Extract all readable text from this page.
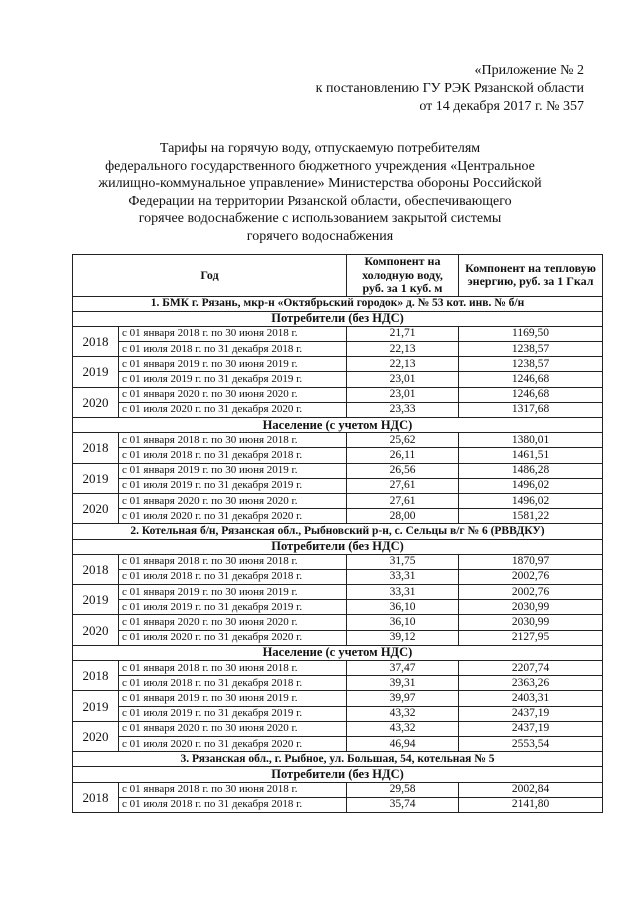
«Приложение № 2
к постановлению ГУ РЭК Рязанской области
от 14 декабря 2017 г. № 357
Тарифы на горячую воду, отпускаемую потребителям
федерального государственного бюджетного учреждения «Центральное
жилищно-коммунальное управление» Министерства обороны Российской
Федерации на территории Рязанской области, обеспечивающего
горячее водоснабжение с использованием закрытой системы
горячего водоснабжения
Год		Компонент на холодную воду, руб. за 1 куб. м	Компонент на тепловую энергию, руб. за 1 Гкал
1. БМК г. Рязань, мкр-н «Октябрьский городок» д. № 53 кот. инв. № б/н			
Потребители (без НДС)			
2018	с 01 января 2018 г. по 30 июня 2018 г.	21,71	1169,50
	с 01 июля 2018 г. по 31 декабря 2018 г.	22,13	1238,57
2019	с 01 января 2019 г. по 30 июня 2019 г.	22,13	1238,57
	с 01 июля 2019 г. по 31 декабря 2019 г.	23,01	1246,68
2020	с 01 января 2020 г. по 30 июня 2020 г.	23,01	1246,68
	с 01 июля 2020 г. по 31 декабря 2020 г.	23,33	1317,68
Население (с учетом НДС)			
2018	с 01 января 2018 г. по 30 июня 2018 г.	25,62	1380,01
	с 01 июля 2018 г. по 31 декабря 2018 г.	26,11	1461,51
2019	с 01 января 2019 г. по 30 июня 2019 г.	26,56	1486,28
	с 01 июля 2019 г. по 31 декабря 2019 г.	27,61	1496,02
2020	с 01 января 2020 г. по 30 июня 2020 г.	27,61	1496,02
	с 01 июля 2020 г. по 31 декабря 2020 г.	28,00	1581,22
2. Котельная б/н, Рязанская обл., Рыбновский р-н, с. Сельцы в/г № 6 (РВВДКУ)			
Потребители (без НДС)			
2018	с 01 января 2018 г. по 30 июня 2018 г.	31,75	1870,97
	с 01 июля 2018 г. по 31 декабря 2018 г.	33,31	2002,76
2019	с 01 января 2019 г. по 30 июня 2019 г.	33,31	2002,76
	с 01 июля 2019 г. по 31 декабря 2019 г.	36,10	2030,99
2020	с 01 января 2020 г. по 30 июня 2020 г.	36,10	2030,99
	с 01 июля 2020 г. по 31 декабря 2020 г.	39,12	2127,95
Население (с учетом НДС)			
2018	с 01 января 2018 г. по 30 июня 2018 г.	37,47	2207,74
	с 01 июля 2018 г. по 31 декабря 2018 г.	39,31	2363,26
2019	с 01 января 2019 г. по 30 июня 2019 г.	39,97	2403,31
	с 01 июля 2019 г. по 31 декабря 2019 г.	43,32	2437,19
2020	с 01 января 2020 г. по 30 июня 2020 г.	43,32	2437,19
	с 01 июля 2020 г. по 31 декабря 2020 г.	46,94	2553,54
3. Рязанская обл., г. Рыбное, ул. Большая, 54, котельная № 5			
Потребители (без НДС)			
2018	с 01 января 2018 г. по 30 июня 2018 г.	29,58	2002,84
	с 01 июля 2018 г. по 31 декабря 2018 г.	35,74	2141,80
